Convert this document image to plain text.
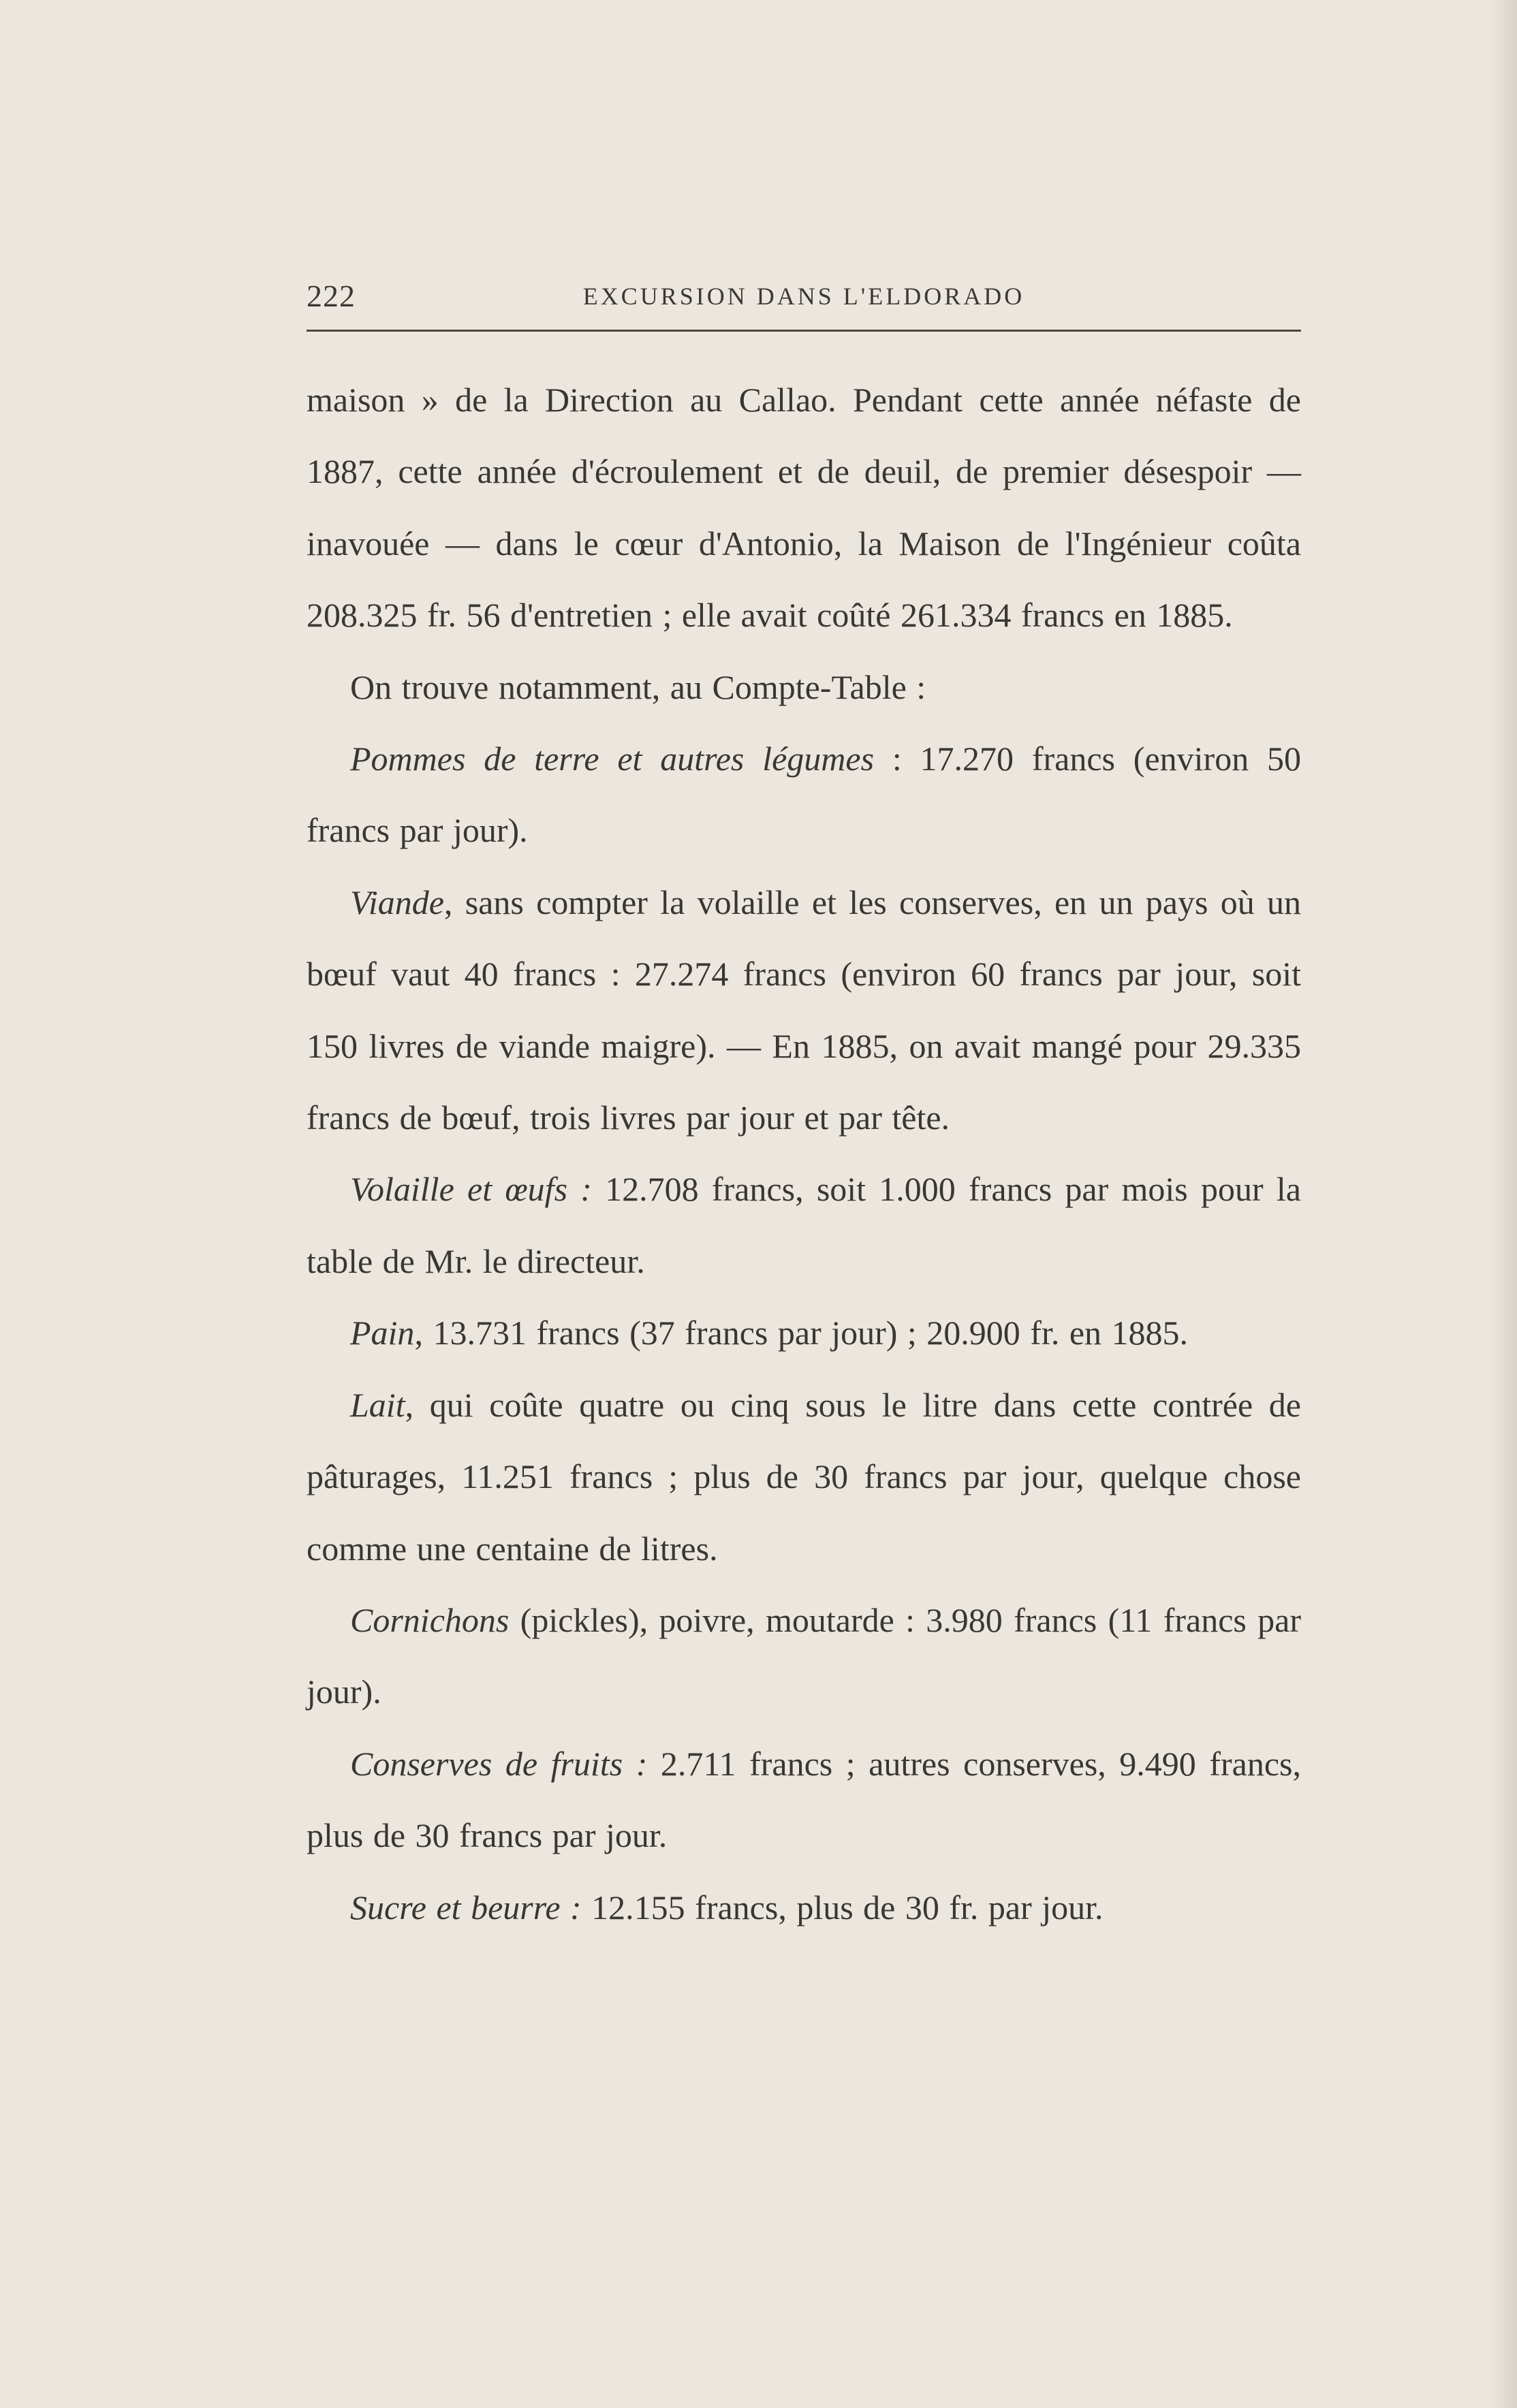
222	EXCURSION DANS L'ELDORADO

maison » de la Direction au Callao. Pendant cette année néfaste de 1887, cette année d'écroulement et de deuil, de premier désespoir — inavouée — dans le cœur d'Antonio, la Maison de l'Ingénieur coûta 208.325 fr. 56 d'entretien ; elle avait coûté 261.334 francs en 1885.

On trouve notamment, au Compte-Table :

Pommes de terre et autres légumes : 17.270 francs (environ 50 francs par jour).

Viande, sans compter la volaille et les conserves, en un pays où un bœuf vaut 40 francs : 27.274 francs (environ 60 francs par jour, soit 150 livres de viande maigre). — En 1885, on avait mangé pour 29.335 francs de bœuf, trois livres par jour et par tête.

Volaille et œufs : 12.708 francs, soit 1.000 francs par mois pour la table de Mr. le directeur.

Pain, 13.731 francs (37 francs par jour) ; 20.900 fr. en 1885.

Lait, qui coûte quatre ou cinq sous le litre dans cette contrée de pâturages, 11.251 francs ; plus de 30 francs par jour, quelque chose comme une centaine de litres.

Cornichons (pickles), poivre, moutarde : 3.980 francs (11 francs par jour).

Conserves de fruits : 2.711 francs ; autres conserves, 9.490 francs, plus de 30 francs par jour.

Sucre et beurre : 12.155 francs, plus de 30 fr. par jour.
